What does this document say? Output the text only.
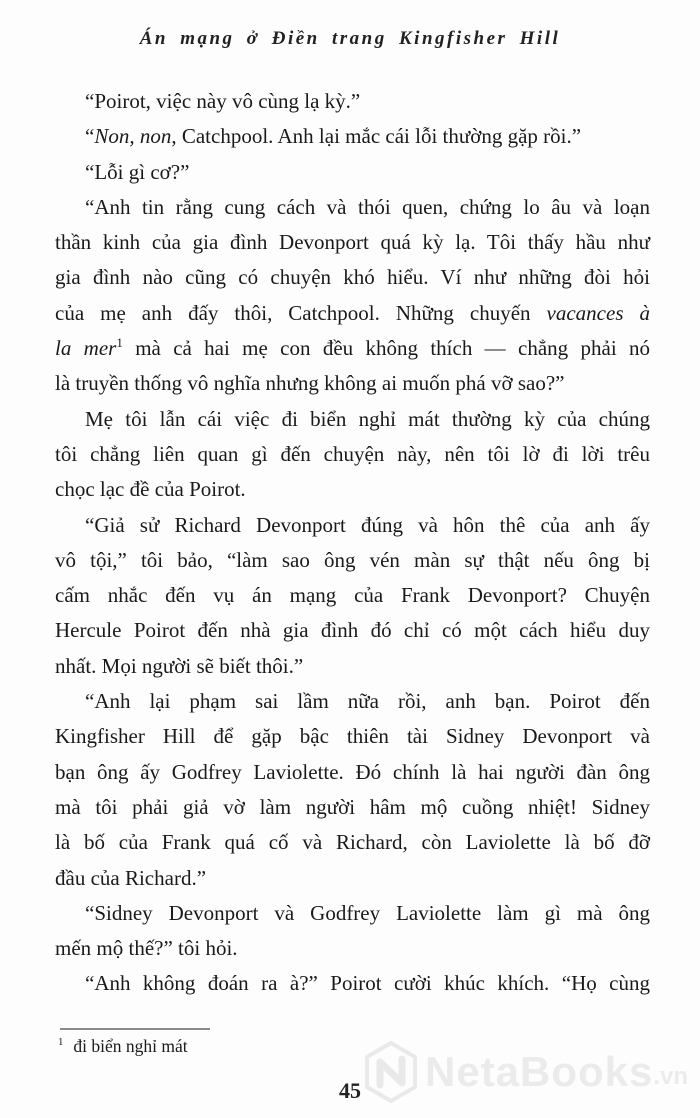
Án mạng ở Điền trang Kingfisher Hill
“Poirot, việc này vô cùng lạ kỳ.”
“Non, non, Catchpool. Anh lại mắc cái lỗi thường gặp rồi.”
“Lỗi gì cơ?”
“Anh tin rằng cung cách và thói quen, chứng lo âu và loạn
thần kinh của gia đình Devonport quá kỳ lạ. Tôi thấy hầu như
gia đình nào cũng có chuyện khó hiểu. Ví như những đòi hỏi
của mẹ anh đấy thôi, Catchpool. Những chuyến vacances à
la mer$^1$ mà cả hai mẹ con đều không thích — chẳng phải nó
là truyền thống vô nghĩa nhưng không ai muốn phá vỡ sao?”
Mẹ tôi lẫn cái việc đi biển nghỉ mát thường kỳ của chúng
tôi chẳng liên quan gì đến chuyện này, nên tôi lờ đi lời trêu
chọc lạc đề của Poirot.
“Giả sử Richard Devonport đúng và hôn thê của anh ấy
vô tội,” tôi bảo, “làm sao ông vén màn sự thật nếu ông bị
cấm nhắc đến vụ án mạng của Frank Devonport? Chuyện
Hercule Poirot đến nhà gia đình đó chỉ có một cách hiểu duy
nhất. Mọi người sẽ biết thôi.”
“Anh lại phạm sai lầm nữa rồi, anh bạn. Poirot đến
Kingfisher Hill để gặp bậc thiên tài Sidney Devonport và
bạn ông ấy Godfrey Laviolette. Đó chính là hai người đàn ông
mà tôi phải giả vờ làm người hâm mộ cuồng nhiệt! Sidney
là bố của Frank quá cố và Richard, còn Laviolette là bố đỡ
đầu của Richard.”
“Sidney Devonport và Godfrey Laviolette làm gì mà ông
mến mộ thế?” tôi hỏi.
“Anh không đoán ra à?” Poirot cười khúc khích. “Họ cùng
$^1$ đi biển nghỉ mát
45	NetaBooks .vn
